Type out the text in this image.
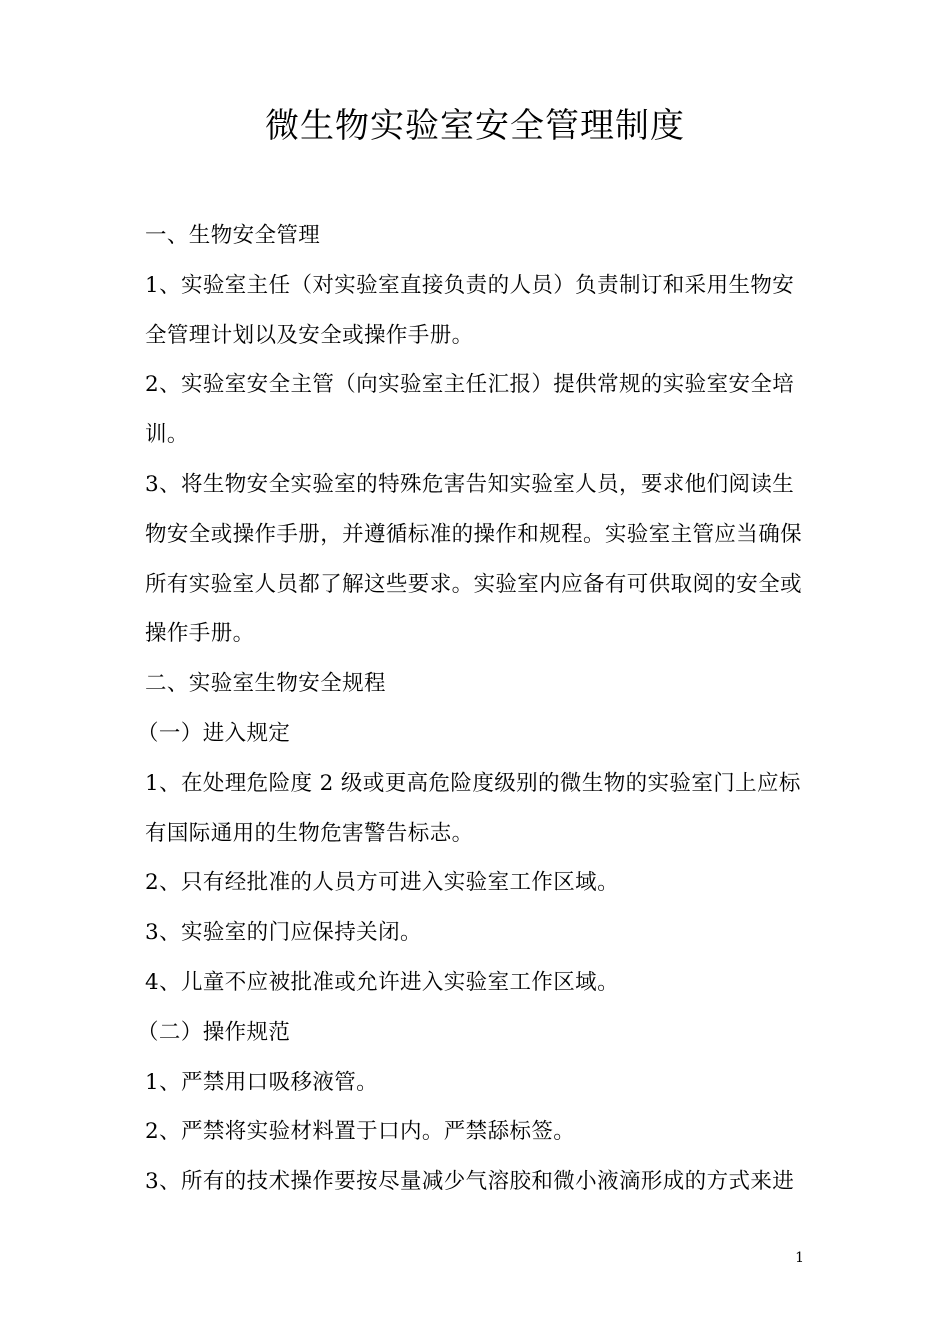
微生物实验室安全管理制度
一、生物安全管理
1、实验室主任（对实验室直接负责的人员）负责制订和采用生物安
全管理计划以及安全或操作手册。
2、实验室安全主管（向实验室主任汇报）提供常规的实验室安全培
训。
3、将生物安全实验室的特殊危害告知实验室人员，要求他们阅读生
物安全或操作手册，并遵循标准的操作和规程。实验室主管应当确保
所有实验室人员都了解这些要求。实验室内应备有可供取阅的安全或
操作手册。
二、实验室生物安全规程
（一）进入规定
1、在处理危险度 2 级或更高危险度级别的微生物的实验室门上应标
有国际通用的生物危害警告标志。
2、只有经批准的人员方可进入实验室工作区域。
3、实验室的门应保持关闭。
4、儿童不应被批准或允许进入实验室工作区域。
（二）操作规范
1、严禁用口吸移液管。
2、严禁将实验材料置于口内。严禁舔标签。
3、所有的技术操作要按尽量减少气溶胶和微小液滴形成的方式来进
1
